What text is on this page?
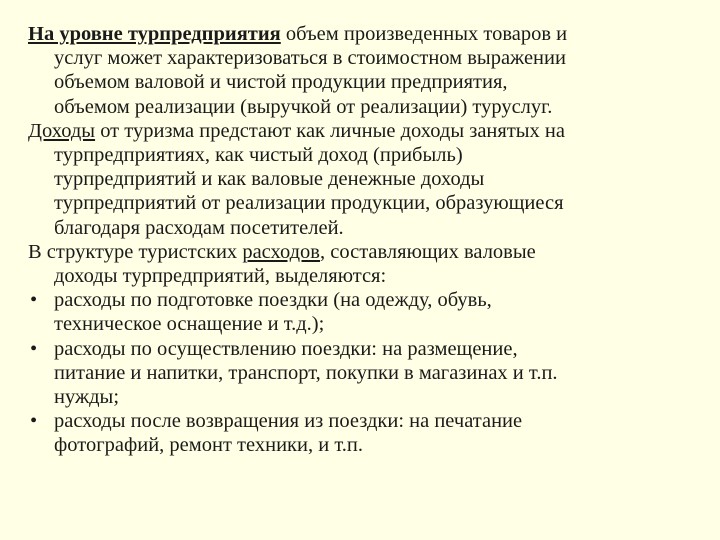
На уровне турпредприятия объем произведенных товаров и
услуг может характеризоваться в стоимостном выражении
объемом валовой и чистой продукции предприятия,
объемом реализации (выручкой от реализации) туруслуг.

Доходы от туризма предстают как личные доходы занятых на
турпредприятиях, как чистый доход (прибыль)
турпредприятий и как валовые денежные доходы
турпредприятий от реализации продукции, образующиеся
благодаря расходам посетителей.

В структуре туристских расходов, составляющих валовые
доходы турпредприятий, выделяются:

• расходы по подготовке поездки (на одежду, обувь,
техническое оснащение и т.д.);
• расходы по осуществлению поездки: на размещение,
питание и напитки, транспорт, покупки в магазинах и т.п.
нужды;
• расходы после возвращения из поездки: на печатание
фотографий, ремонт техники, и т.п.
